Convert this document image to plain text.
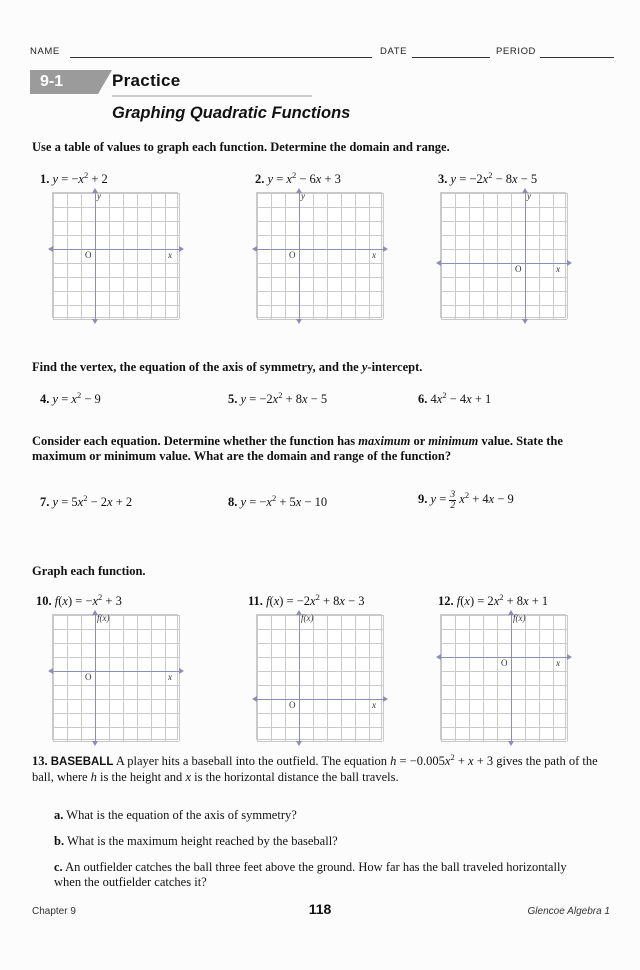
NAME	DATE	PERIOD
9-1	Practice
Graphing Quadratic Functions
Use a table of values to graph each function. Determine the domain and range.
1. $y = -x^2 + 2$	2. $y = x^2 - 6x + 3$	3. $y = -2x^2 - 8x - 5$
O	x
y
O	x
y
O	x
y
Find the vertex, the equation of the axis of symmetry, and the y-intercept.
4. $y = x^2 - 9$	5. $y = -2x^2 + 8x - 5$	6. $4x^2 - 4x + 1$
Consider each equation. Determine whether the function has maximum or minimum value. State the maximum or minimum value. What are the domain and range of the function?
7. $y = 5x^2 - 2x + 2$	8. $y = -x^2 + 5x - 10$	9. $y = \frac{3}{2} x^2 + 4x - 9$
Graph each function.
10. $f(x) = -x^2 + 3$	11. $f(x) = -2x^2 + 8x - 3$	12. $f(x) = 2x^2 + 8x + 1$
O	x
f(x)
O	x
f(x)
O	x
f(x)
13. BASEBALL A player hits a baseball into the outfield. The equation $h = -0.005x^2 + x + 3$ gives the path of the ball, where h is the height and x is the horizontal distance the ball travels.
a. What is the equation of the axis of symmetry?
b. What is the maximum height reached by the baseball?
c. An outfielder catches the ball three feet above the ground. How far has the ball traveled horizontally when the outfielder catches it?
Chapter 9	118	Glencoe Algebra 1
